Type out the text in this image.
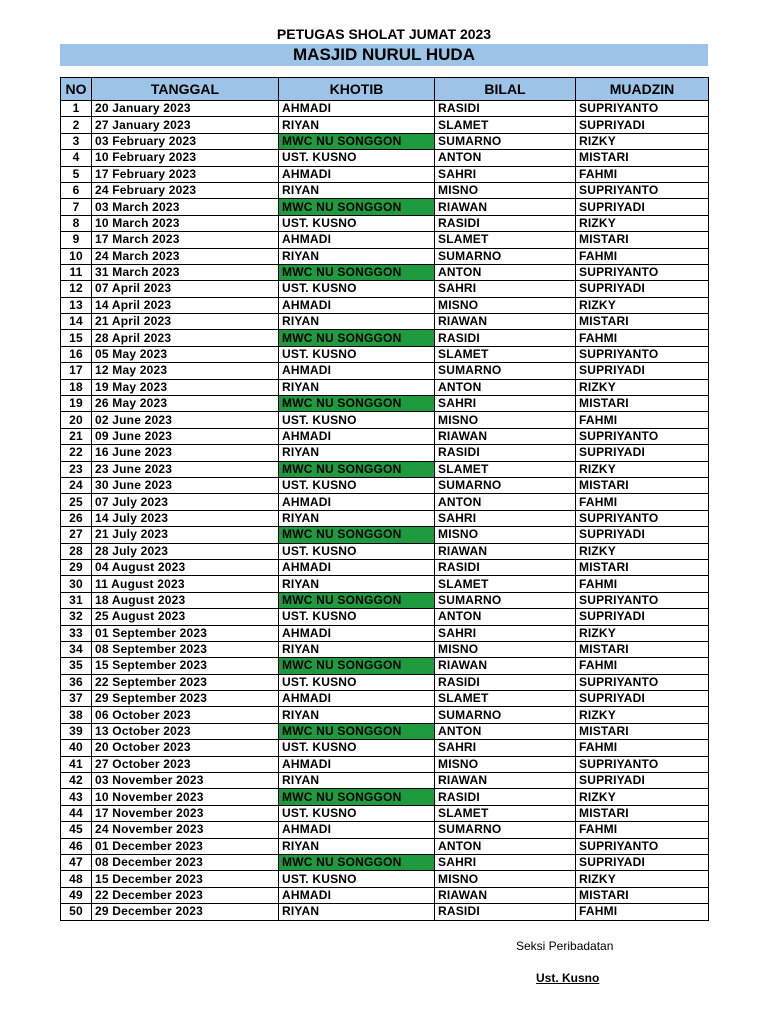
PETUGAS SHOLAT JUMAT 2023
MASJID NURUL HUDA
NO	TANGGAL	KHOTIB	BILAL	MUADZIN
1	20 January 2023	AHMADI	RASIDI	SUPRIYANTO
2	27 January 2023	RIYAN	SLAMET	SUPRIYADI
3	03 February 2023	MWC NU SONGGON	SUMARNO	RIZKY
4	10 February 2023	UST. KUSNO	ANTON	MISTARI
5	17 February 2023	AHMADI	SAHRI	FAHMI
6	24 February 2023	RIYAN	MISNO	SUPRIYANTO
7	03 March 2023	MWC NU SONGGON	RIAWAN	SUPRIYADI
8	10 March 2023	UST. KUSNO	RASIDI	RIZKY
9	17 March 2023	AHMADI	SLAMET	MISTARI
10	24 March 2023	RIYAN	SUMARNO	FAHMI
11	31 March 2023	MWC NU SONGGON	ANTON	SUPRIYANTO
12	07 April 2023	UST. KUSNO	SAHRI	SUPRIYADI
13	14 April 2023	AHMADI	MISNO	RIZKY
14	21 April 2023	RIYAN	RIAWAN	MISTARI
15	28 April 2023	MWC NU SONGGON	RASIDI	FAHMI
16	05 May 2023	UST. KUSNO	SLAMET	SUPRIYANTO
17	12 May 2023	AHMADI	SUMARNO	SUPRIYADI
18	19 May 2023	RIYAN	ANTON	RIZKY
19	26 May 2023	MWC NU SONGGON	SAHRI	MISTARI
20	02 June 2023	UST. KUSNO	MISNO	FAHMI
21	09 June 2023	AHMADI	RIAWAN	SUPRIYANTO
22	16 June 2023	RIYAN	RASIDI	SUPRIYADI
23	23 June 2023	MWC NU SONGGON	SLAMET	RIZKY
24	30 June 2023	UST. KUSNO	SUMARNO	MISTARI
25	07 July 2023	AHMADI	ANTON	FAHMI
26	14 July 2023	RIYAN	SAHRI	SUPRIYANTO
27	21 July 2023	MWC NU SONGGON	MISNO	SUPRIYADI
28	28 July 2023	UST. KUSNO	RIAWAN	RIZKY
29	04 August 2023	AHMADI	RASIDI	MISTARI
30	11 August 2023	RIYAN	SLAMET	FAHMI
31	18 August 2023	MWC NU SONGGON	SUMARNO	SUPRIYANTO
32	25 August 2023	UST. KUSNO	ANTON	SUPRIYADI
33	01 September 2023	AHMADI	SAHRI	RIZKY
34	08 September 2023	RIYAN	MISNO	MISTARI
35	15 September 2023	MWC NU SONGGON	RIAWAN	FAHMI
36	22 September 2023	UST. KUSNO	RASIDI	SUPRIYANTO
37	29 September 2023	AHMADI	SLAMET	SUPRIYADI
38	06 October 2023	RIYAN	SUMARNO	RIZKY
39	13 October 2023	MWC NU SONGGON	ANTON	MISTARI
40	20 October 2023	UST. KUSNO	SAHRI	FAHMI
41	27 October 2023	AHMADI	MISNO	SUPRIYANTO
42	03 November 2023	RIYAN	RIAWAN	SUPRIYADI
43	10 November 2023	MWC NU SONGGON	RASIDI	RIZKY
44	17 November 2023	UST. KUSNO	SLAMET	MISTARI
45	24 November 2023	AHMADI	SUMARNO	FAHMI
46	01 December 2023	RIYAN	ANTON	SUPRIYANTO
47	08 December 2023	MWC NU SONGGON	SAHRI	SUPRIYADI
48	15 December 2023	UST. KUSNO	MISNO	RIZKY
49	22 December 2023	AHMADI	RIAWAN	MISTARI
50	29 December 2023	RIYAN	RASIDI	FAHMI
Seksi Peribadatan
Ust. Kusno
